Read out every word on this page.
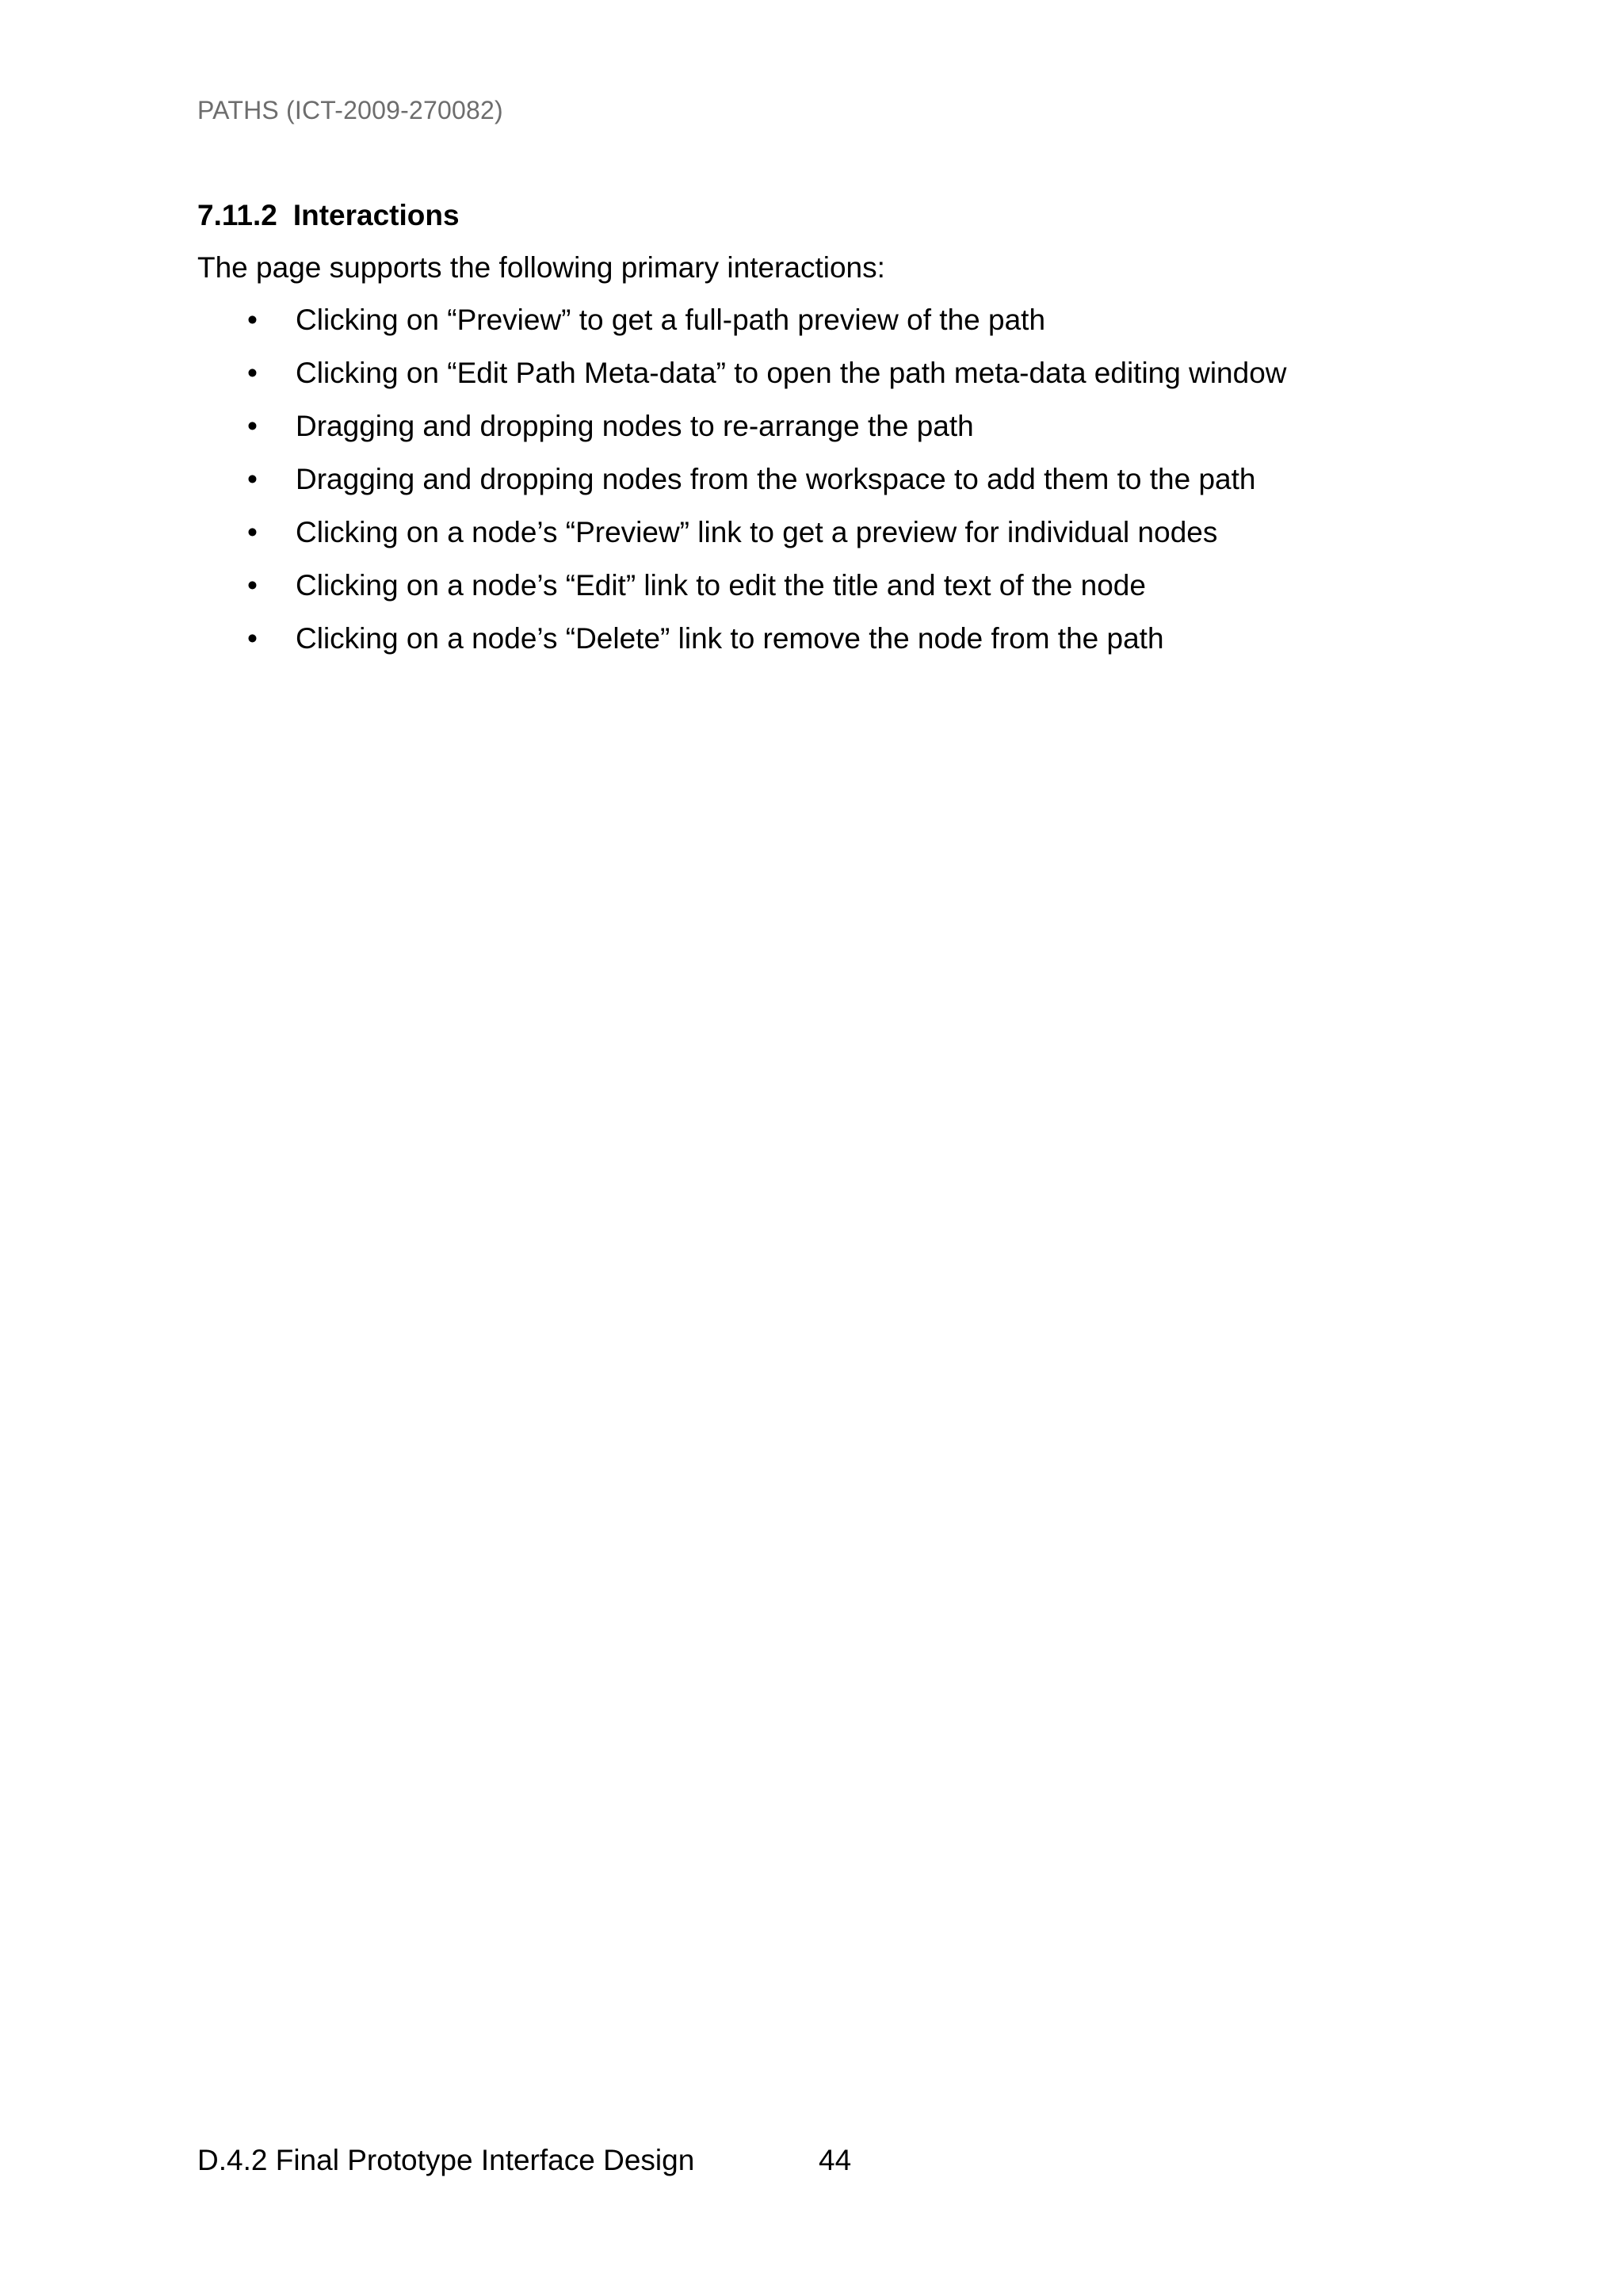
PATHS (ICT-2009-270082)
7.11.2 Interactions

The page supports the following primary interactions:

• Clicking on “Preview” to get a full-path preview of the path
• Clicking on “Edit Path Meta-data” to open the path meta-data editing window
• Dragging and dropping nodes to re-arrange the path
• Dragging and dropping nodes from the workspace to add them to the path
• Clicking on a node’s “Preview” link to get a preview for individual nodes
• Clicking on a node’s “Edit” link to edit the title and text of the node
• Clicking on a node’s “Delete” link to remove the node from the path
D.4.2 Final Prototype Interface Design	44
